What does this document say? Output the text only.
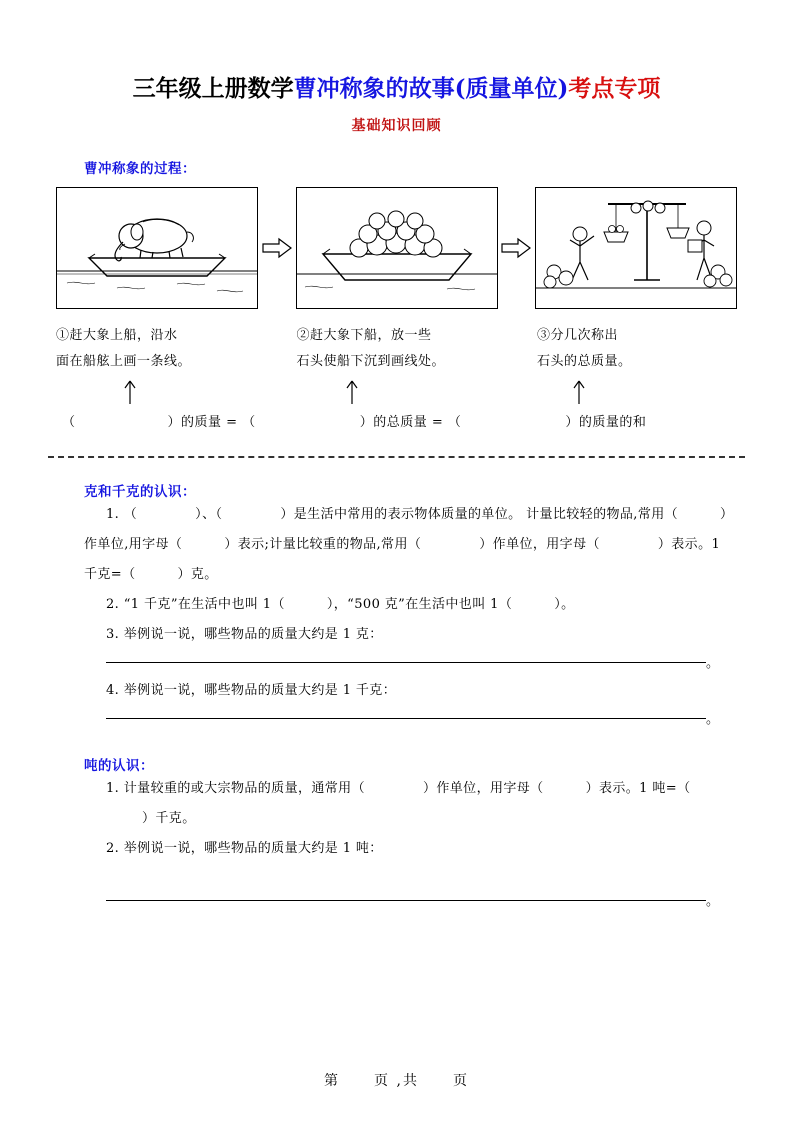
三年级上册数学曹冲称象的故事(质量单位)考点专项
基础知识回顾
曹冲称象的过程：
①赶大象上船，沿水
面在船舷上画一条线。
②赶大象下船，放一些
石头使船下沉到画线处。
③分几次称出
石头的总质量。
（	）的质量 = （	）的总质量 = （	）的质量的和
克和千克的认识：
1. （	）、（	）是生活中常用的表示物体质量的单位。 计量比较轻的物品,常用（	）作单位,用字母（	）表示;计量比较重的物品,常用（	）作单位，用字母（	）表示。1 千克=（	）克。
2. “1 千克”在生活中也叫 1（	），“500 克”在生活中也叫 1（	）。
3. 举例说一说，哪些物品的质量大约是 1 克：
。
4. 举例说一说，哪些物品的质量大约是 1 千克：
。
吨的认识：
1. 计量较重的或大宗物品的质量，通常用（	）作单位，用字母（	）表示。1 吨=（）千克。
2. 举例说一说，哪些物品的质量大约是 1 吨：
。
第 页 ,共 页
